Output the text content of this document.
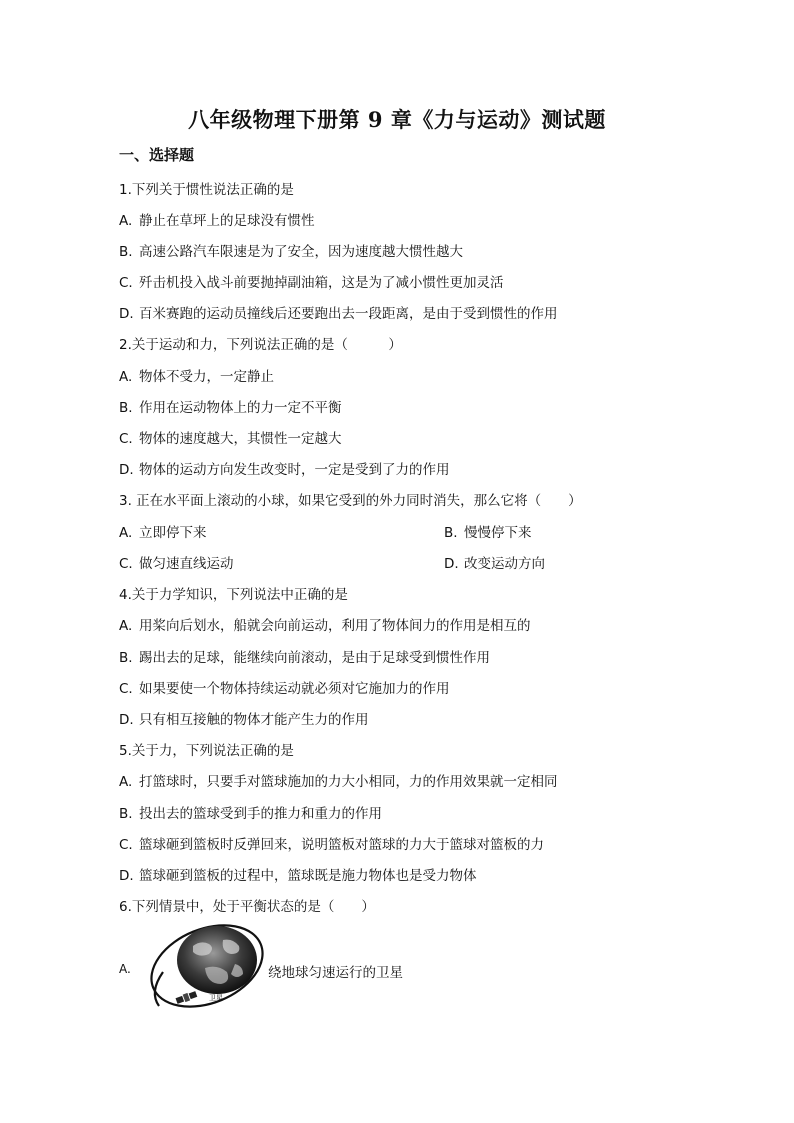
八年级物理下册第 9 章《力与运动》测试题
一、选择题
1.下列关于惯性说法正确的是
A. 静止在草坪上的足球没有惯性
B. 高速公路汽车限速是为了安全，因为速度越大惯性越大
C. 歼击机投入战斗前要抛掉副油箱，这是为了减小惯性更加灵活
D. 百米赛跑的运动员撞线后还要跑出去一段距离，是由于受到惯性的作用
2.关于运动和力，下列说法正确的是（　　　）
A. 物体不受力，一定静止
B. 作用在运动物体上的力一定不平衡
C. 物体的速度越大，其惯性一定越大
D. 物体的运动方向发生改变时，一定是受到了力的作用
3. 正在水平面上滚动的小球，如果它受到的外力同时消失，那么它将（　　）
A. 立即停下来	B. 慢慢停下来
C. 做匀速直线运动	D. 改变运动方向
4.关于力学知识，下列说法中正确的是
A. 用桨向后划水，船就会向前运动，利用了物体间力的作用是相互的
B. 踢出去的足球，能继续向前滚动，是由于足球受到惯性作用
C. 如果要使一个物体持续运动就必须对它施加力的作用
D. 只有相互接触的物体才能产生力的作用
5.关于力，下列说法正确的是
A. 打篮球时，只要手对篮球施加的力大小相同，力的作用效果就一定相同
B. 投出去的篮球受到手的推力和重力的作用
C. 篮球砸到篮板时反弹回来，说明篮板对篮球的力大于篮球对篮板的力
D. 篮球砸到篮板的过程中，篮球既是施力物体也是受力物体
6.下列情景中，处于平衡状态的是（　　）
A.
卫星
绕地球匀速运行的卫星
